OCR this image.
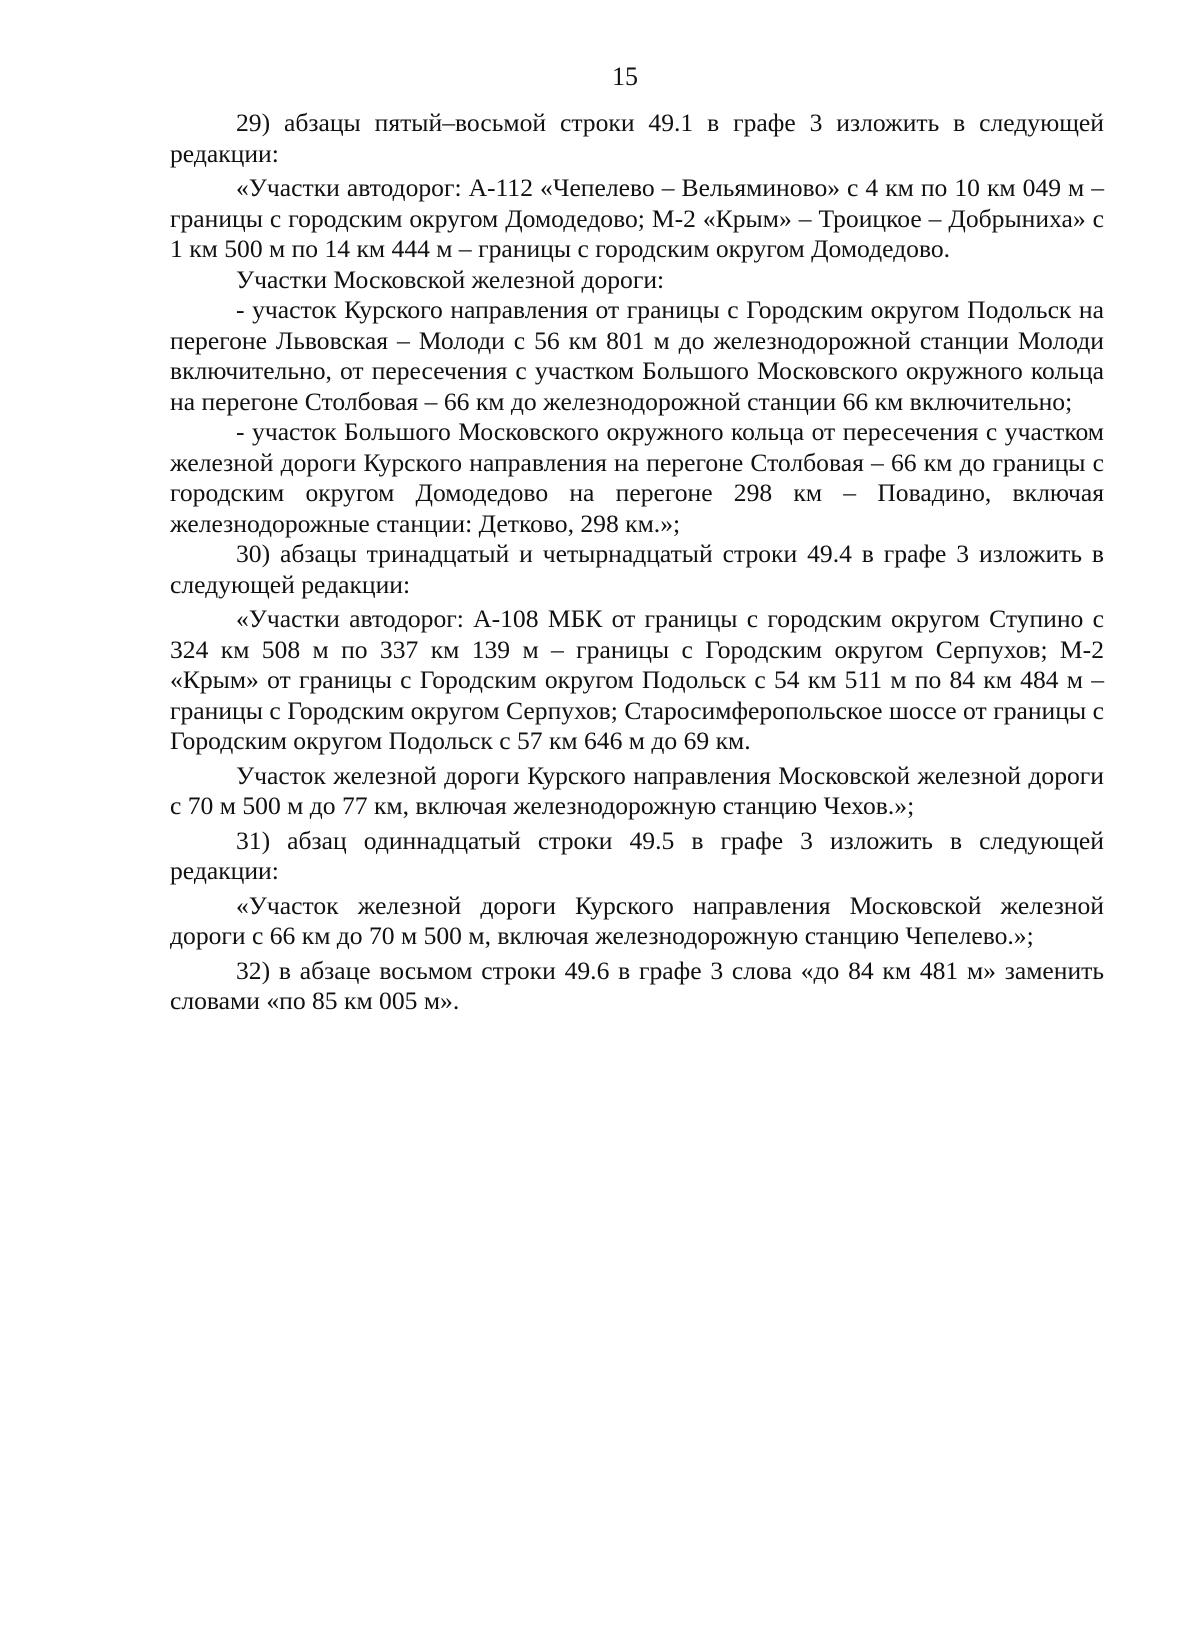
15

29) абзацы пятый–восьмой строки 49.1 в графе 3 изложить в следующей редакции:

«Участки автодорог: А-112 «Чепелево – Вельяминово» с 4 км по 10 км 049 м – границы с городским округом Домодедово; М-2 «Крым» – Троицкое – Добрыниха» с 1 км 500 м по 14 км 444 м – границы с городским округом Домодедово.

Участки Московской железной дороги:

- участок Курского направления от границы с Городским округом Подольск на перегоне Львовская – Молоди с 56 км 801 м до железнодорожной станции Молоди включительно, от пересечения с участком Большого Московского окружного кольца на перегоне Столбовая – 66 км до железнодорожной станции 66 км включительно;

- участок Большого Московского окружного кольца от пересечения с участком железной дороги Курского направления на перегоне Столбовая – 66 км до границы с городским округом Домодедово на перегоне 298 км – Повадино, включая железнодорожные станции: Детково, 298 км.»;

30) абзацы тринадцатый и четырнадцатый строки 49.4 в графе 3 изложить в следующей редакции:

«Участки автодорог: А-108 МБК от границы с городским округом Ступино с 324 км 508 м по 337 км 139 м – границы с Городским округом Серпухов; М-2 «Крым» от границы с Городским округом Подольск с 54 км 511 м по 84 км 484 м – границы с Городским округом Серпухов; Старосимферопольское шоссе от границы с Городским округом Подольск с 57 км 646 м до 69 км.

Участок железной дороги Курского направления Московской железной дороги с 70 м 500 м до 77 км, включая железнодорожную станцию Чехов.»;

31) абзац одиннадцатый строки 49.5 в графе 3 изложить в следующей редакции:

«Участок железной дороги Курского направления Московской железной дороги с 66 км до 70 м 500 м, включая железнодорожную станцию Чепелево.»;

32) в абзаце восьмом строки 49.6 в графе 3 слова «до 84 км 481 м» заменить словами «по 85 км 005 м».
